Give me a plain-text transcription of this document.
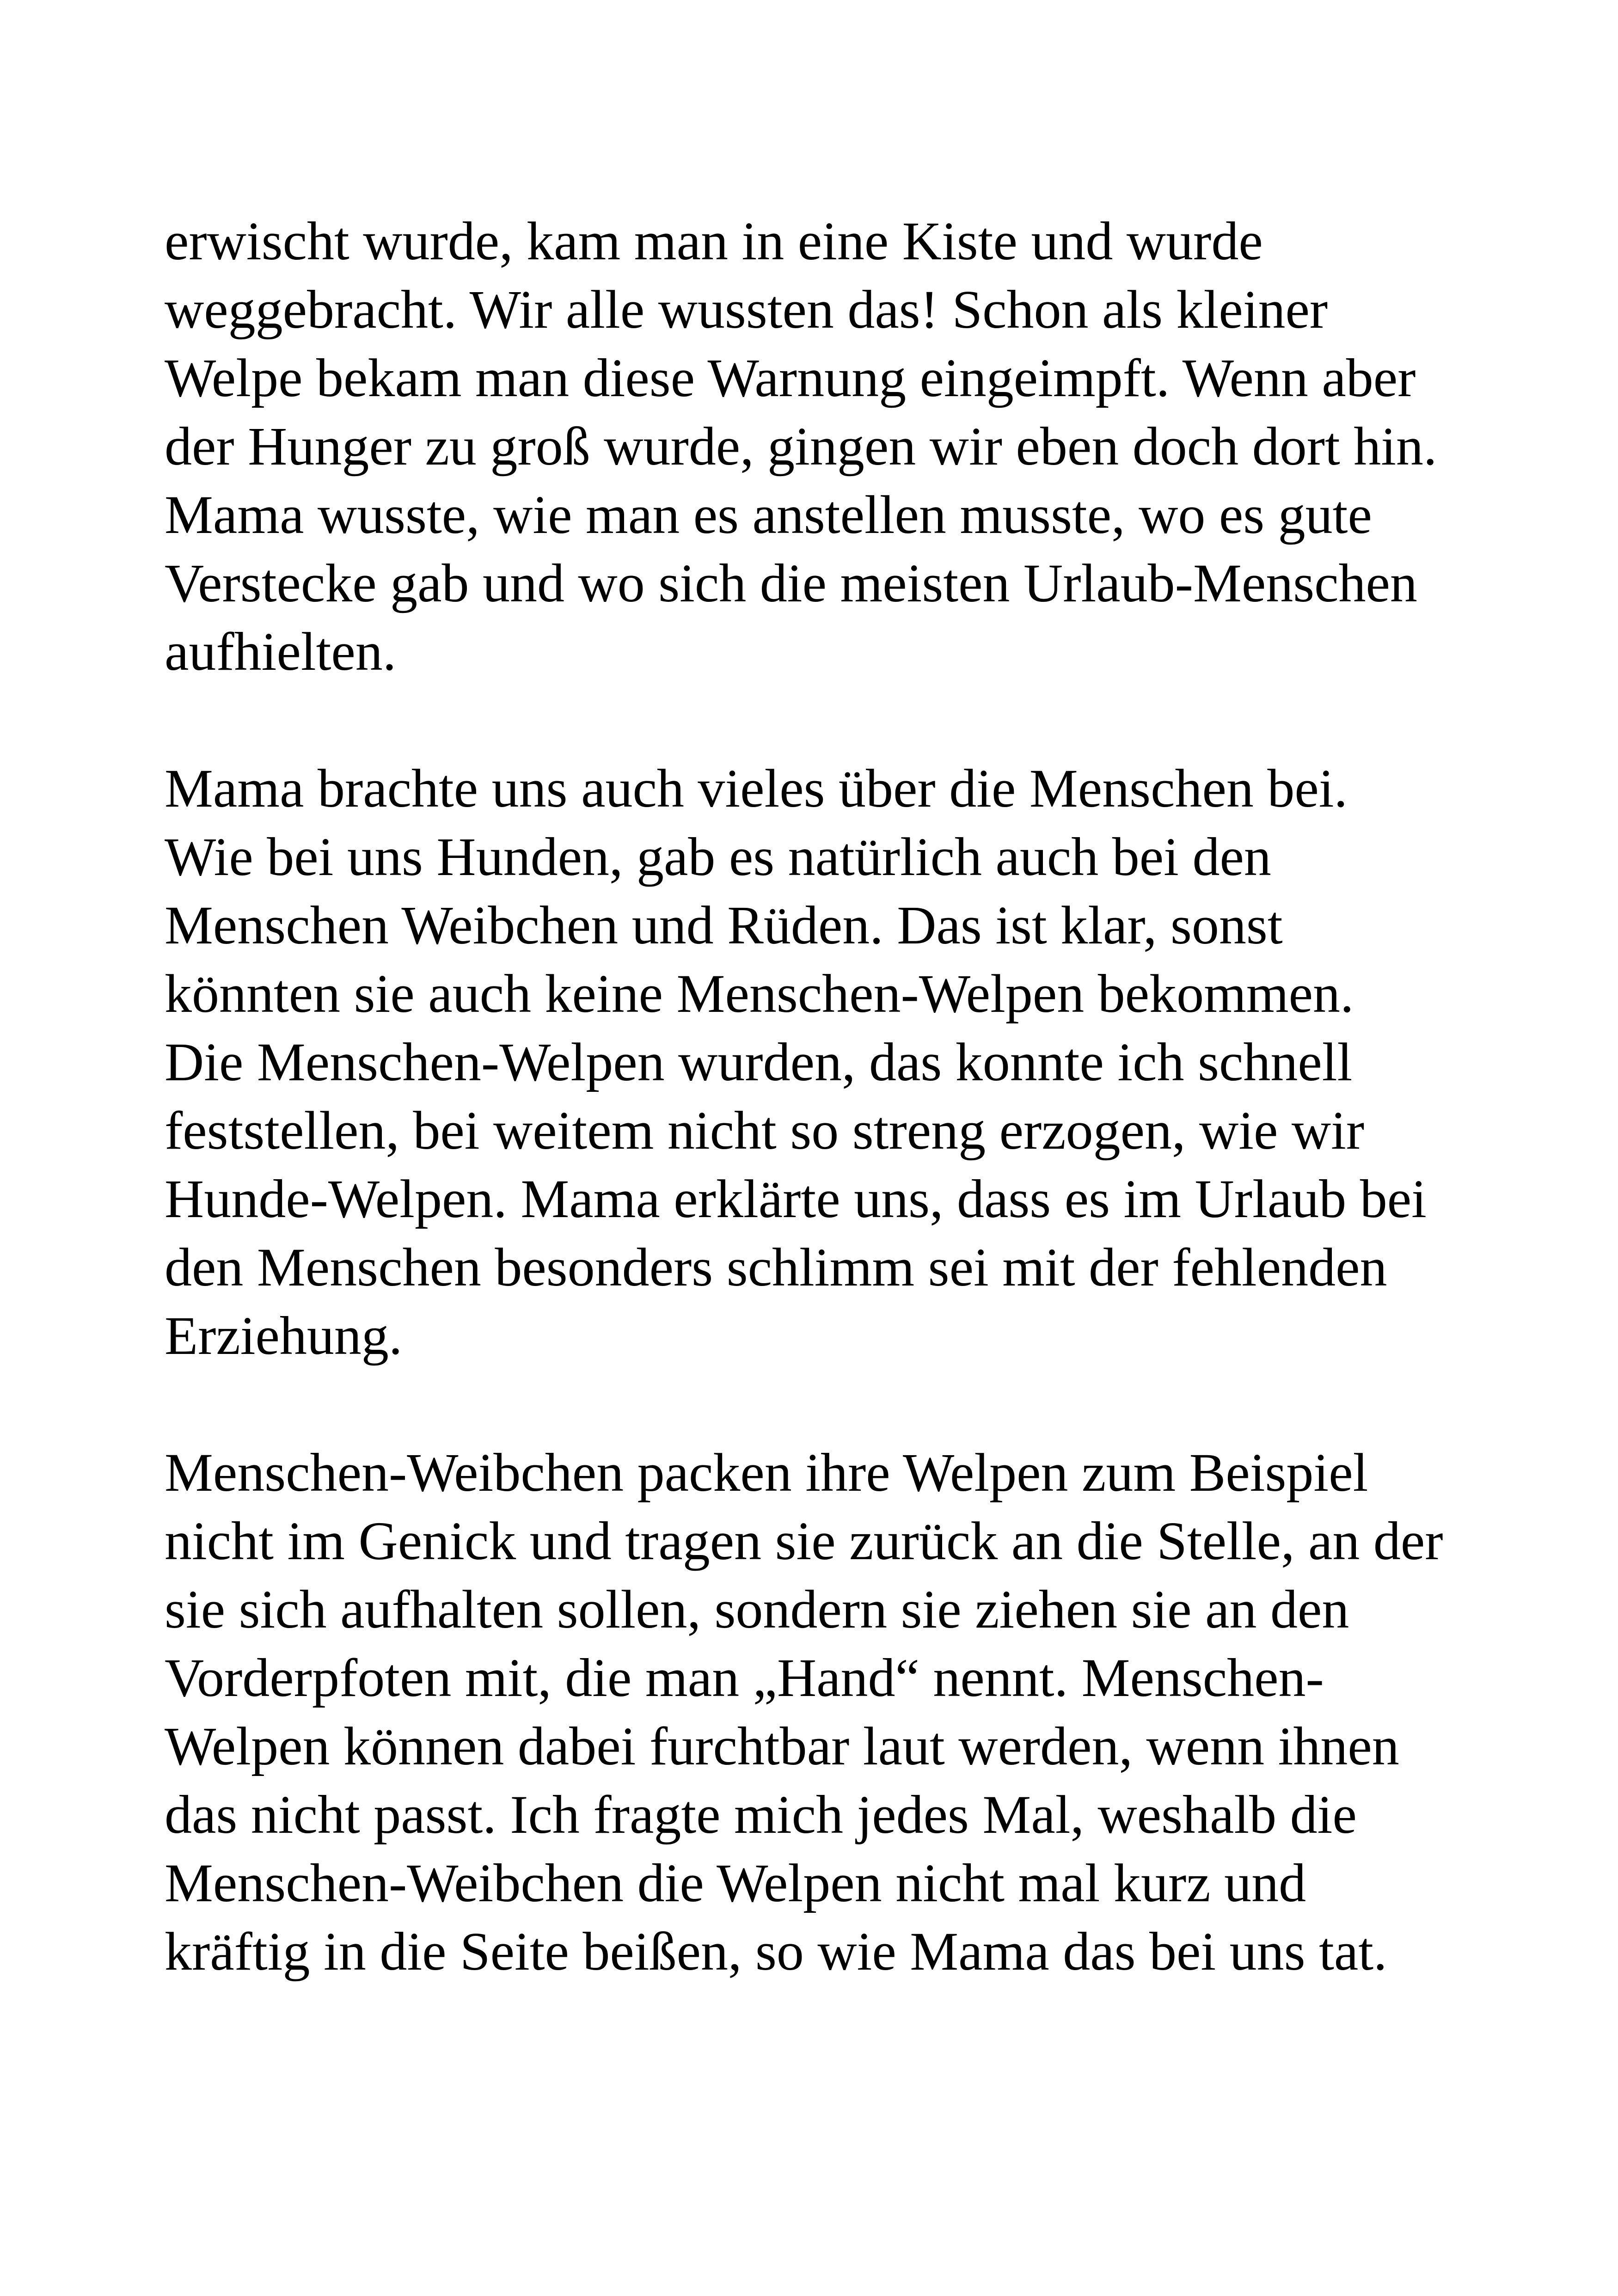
erwischt wurde, kam man in eine Kiste und wurde
weggebracht. Wir alle wussten das! Schon als kleiner
Welpe bekam man diese Warnung eingeimpft. Wenn aber
der Hunger zu groß wurde, gingen wir eben doch dort hin.
Mama wusste, wie man es anstellen musste, wo es gute
Verstecke gab und wo sich die meisten Urlaub-Menschen
aufhielten.

Mama brachte uns auch vieles über die Menschen bei.
Wie bei uns Hunden, gab es natürlich auch bei den
Menschen Weibchen und Rüden. Das ist klar, sonst
könnten sie auch keine Menschen-Welpen bekommen.
Die Menschen-Welpen wurden, das konnte ich schnell
feststellen, bei weitem nicht so streng erzogen, wie wir
Hunde-Welpen. Mama erklärte uns, dass es im Urlaub bei
den Menschen besonders schlimm sei mit der fehlenden
Erziehung.

Menschen-Weibchen packen ihre Welpen zum Beispiel
nicht im Genick und tragen sie zurück an die Stelle, an der
sie sich aufhalten sollen, sondern sie ziehen sie an den
Vorderpfoten mit, die man „Hand“ nennt. Menschen-
Welpen können dabei furchtbar laut werden, wenn ihnen
das nicht passt. Ich fragte mich jedes Mal, weshalb die
Menschen-Weibchen die Welpen nicht mal kurz und
kräftig in die Seite beißen, so wie Mama das bei uns tat.
